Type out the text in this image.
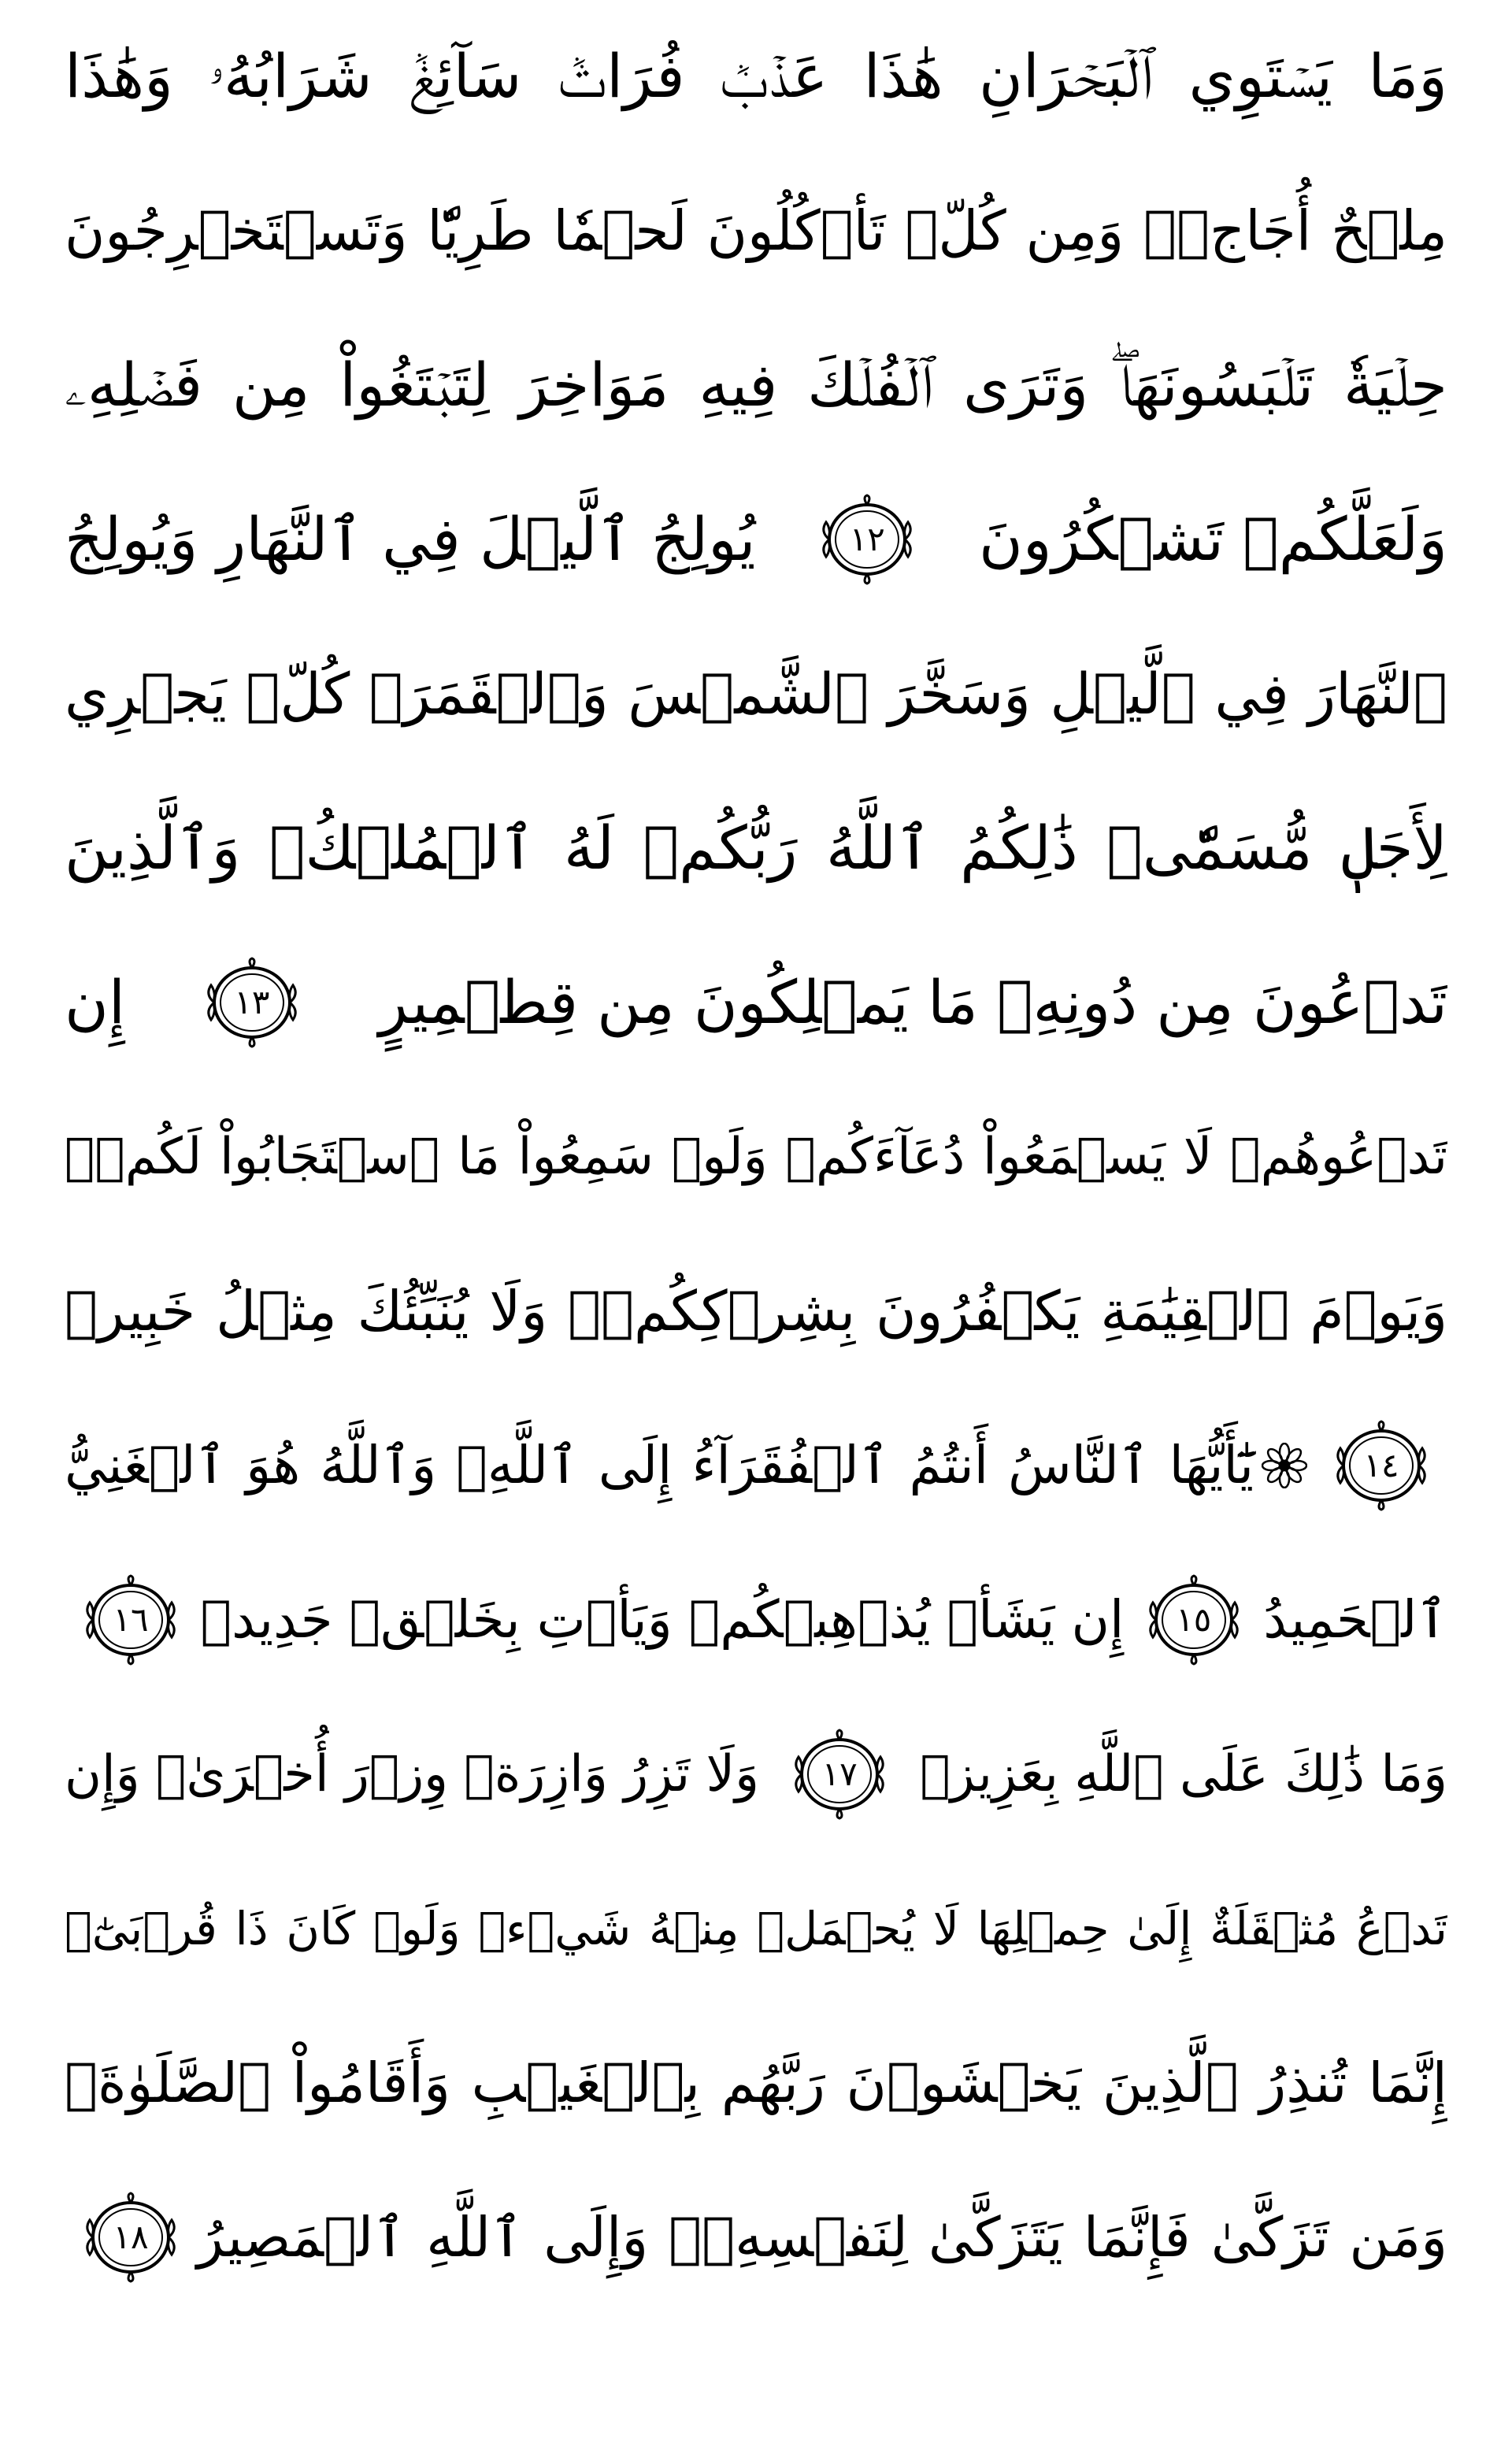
وَمَا يَسۡتَوِي ٱلۡبَحۡرَانِ هَٰذَا عَذۡبٞ فُرَاتٞ سَآئِغٞ شَرَابُهُۥ وَهَٰذَا
مِلۡحٌ أُجَاجٞۖ وَمِن كُلّٖ تَأۡكُلُونَ لَحۡمٗا طَرِيّٗا وَتَسۡتَخۡرِجُونَ
حِلۡيَةٗ تَلۡبَسُونَهَاۖ وَتَرَى ٱلۡفُلۡكَ فِيهِ مَوَاخِرَ لِتَبۡتَغُواْ مِن فَضۡلِهِۦ
وَلَعَلَّكُمۡ تَشۡكُرُونَ
١٢
يُولِجُ ٱلَّيۡلَ فِي ٱلنَّهَارِ وَيُولِجُ
ٱلنَّهَارَ فِي ٱلَّيۡلِ وَسَخَّرَ ٱلشَّمۡسَ وَٱلۡقَمَرَۖ كُلّٞ يَجۡرِي
لِأَجَلٖ مُّسَمّٗىۚ ذَٰلِكُمُ ٱللَّهُ رَبُّكُمۡ لَهُ ٱلۡمُلۡكُۚ وَٱلَّذِينَ
تَدۡعُونَ مِن دُونِهِۦ مَا يَمۡلِكُونَ مِن قِطۡمِيرٍ
١٣
إِن
تَدۡعُوهُمۡ لَا يَسۡمَعُواْ دُعَآءَكُمۡ وَلَوۡ سَمِعُواْ مَا ٱسۡتَجَابُواْ لَكُمۡۖ
وَيَوۡمَ ٱلۡقِيَٰمَةِ يَكۡفُرُونَ بِشِرۡكِكُمۡۚ وَلَا يُنَبِّئُكَ مِثۡلُ خَبِيرٖ
١٤
يَٰٓأَيُّهَا ٱلنَّاسُ أَنتُمُ ٱلۡفُقَرَآءُ إِلَى ٱللَّهِۖ وَٱللَّهُ هُوَ ٱلۡغَنِيُّ
ٱلۡحَمِيدُ
١٥
إِن يَشَأۡ يُذۡهِبۡكُمۡ وَيَأۡتِ بِخَلۡقٖ جَدِيدٖ
١٦
وَمَا ذَٰلِكَ عَلَى ٱللَّهِ بِعَزِيزٖ
١٧
وَلَا تَزِرُ وَازِرَةٞ وِزۡرَ أُخۡرَىٰۚ وَإِن
تَدۡعُ مُثۡقَلَةٌ إِلَىٰ حِمۡلِهَا لَا يُحۡمَلۡ مِنۡهُ شَيۡءٞ وَلَوۡ كَانَ ذَا قُرۡبَىٰٓۗ
إِنَّمَا تُنذِرُ ٱلَّذِينَ يَخۡشَوۡنَ رَبَّهُم بِٱلۡغَيۡبِ وَأَقَامُواْ ٱلصَّلَوٰةَۚ
وَمَن تَزَكَّىٰ فَإِنَّمَا يَتَزَكَّىٰ لِنَفۡسِهِۦۚ وَإِلَى ٱللَّهِ ٱلۡمَصِيرُ
١٨
